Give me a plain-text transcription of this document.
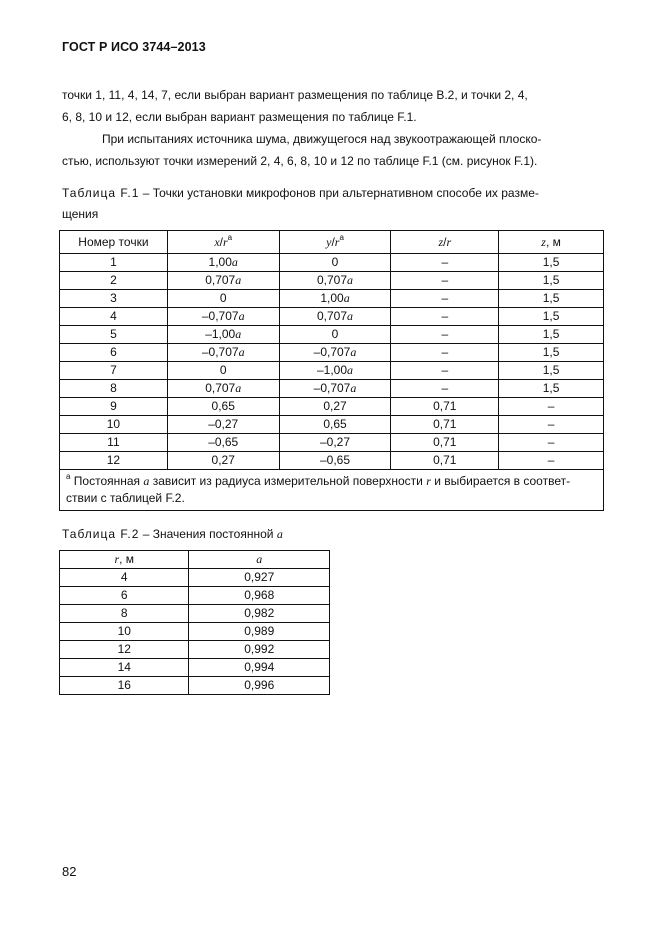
ГОСТ Р ИСО 3744–2013
точки 1, 11, 4, 14, 7, если выбран вариант размещения по таблице В.2, и точки 2, 4,
6, 8, 10 и 12, если выбран вариант размещения по таблице F.1.
При испытаниях источника шума, движущегося над звукоотражающей плоско-
стью, используют точки измерений 2, 4, 6, 8, 10 и 12 по таблице F.1 (см. рисунок F.1).
Таблица F.1 – Точки установки микрофонов при альтернативном способе их разме-
щения
Номер точки	$x/r^a$	$y/r^a$	z/r	z, м
1	1,00a	0	–	1,5
2	0,707a	0,707a	–	1,5
3	0	1,00a	–	1,5
4	–0,707a	0,707a	–	1,5
5	–1,00a	0	–	1,5
6	–0,707a	–0,707a	–	1,5
7	0	–1,00a	–	1,5
8	0,707a	–0,707a	–	1,5
9	0,65	0,27	0,71	–
10	–0,27	0,65	0,71	–
11	–0,65	–0,27	0,71	–
12	0,27	–0,65	0,71	–
$^a$ Постоянная a зависит из радиуса измерительной поверхности r и выбирается в соответ-
ствии с таблицей F.2.				
Таблица F.2 – Значения постоянной a
r, м	a
4	0,927
6	0,968
8	0,982
10	0,989
12	0,992
14	0,994
16	0,996
82
